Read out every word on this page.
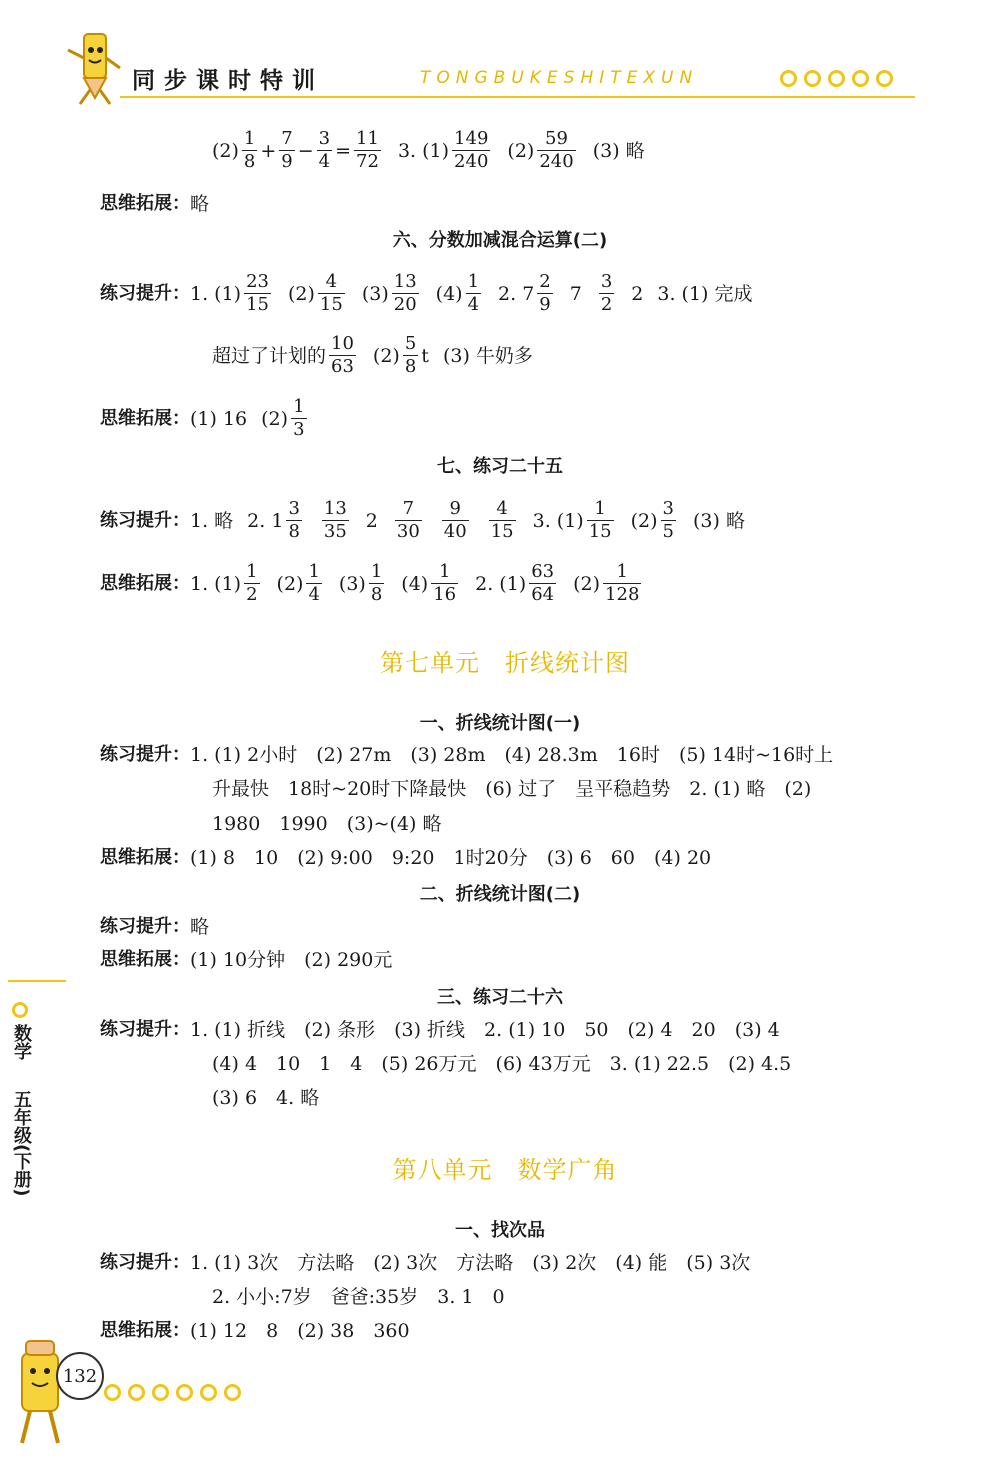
同步课时特训	TONGBUKESHITEXUN
$(2) \frac{1}{8} + \frac{7}{9} - \frac{3}{4} = \frac{11}{72} 3$. $(1) \frac{149}{240} (2) \frac{59}{240} (3)$ 略
思维拓展： 略
六、分数加减混合运算(二)
练习提升： 1. $(1) \frac{23}{15} (2) \frac{4}{15} (3) \frac{13}{20} (4) \frac{1}{4} 2$. $7 \frac{2}{9} 7 \frac{3}{2} 2$ 3. (1) 完成
超过了计划的 $\frac{10}{63} (2) \frac{5}{8}$ t (3) 牛奶多
思维拓展： (1) 16 $(2) \frac{1}{3}$
七、练习二十五
练习提升： 1. 略 2. $1 \frac{3}{8} \frac{13}{35} 2 \frac{7}{30} \frac{9}{40} \frac{4}{15} 3$. $(1) \frac{1}{15} (2) \frac{3}{5} (3)$ 略
思维拓展： 1. $(1) \frac{1}{2} (2) \frac{1}{4} (3) \frac{1}{8} (4) \frac{1}{16} 2$. $(1) \frac{63}{64} (2) \frac{1}{128}$
第七单元　折线统计图
一、折线统计图(一)
练习提升： 1. (1) 2小时　(2) 27m　(3) 28m　(4) 28.3m　16时　(5) 14时~16时上
升最快　18时~20时下降最快　(6) 过了　呈平稳趋势　2. (1) 略　(2)
1980　1990　(3)~(4) 略
思维拓展： (1) 8　10　(2) 9:00　9:20　1时20分　(3) 6　60　(4) 20
二、折线统计图(二)
练习提升： 略
思维拓展： (1) 10分钟　(2) 290元
三、练习二十六
练习提升： 1. (1) 折线　(2) 条形　(3) 折线　2. (1) 10　50　(2) 4　20　(3) 4
(4) 4　10　1　4　(5) 26万元　(6) 43万元　3. (1) 22.5　(2) 4.5
(3) 6　4. 略
第八单元　数学广角
一、找次品
练习提升： 1. (1) 3次　方法略　(2) 3次　方法略　(3) 2次　(4) 能　(5) 3次
2. 小小:7岁　爸爸:35岁　3. 1　0
思维拓展： (1) 12　8　(2) 38　360
数学
五年级(下册)
132
